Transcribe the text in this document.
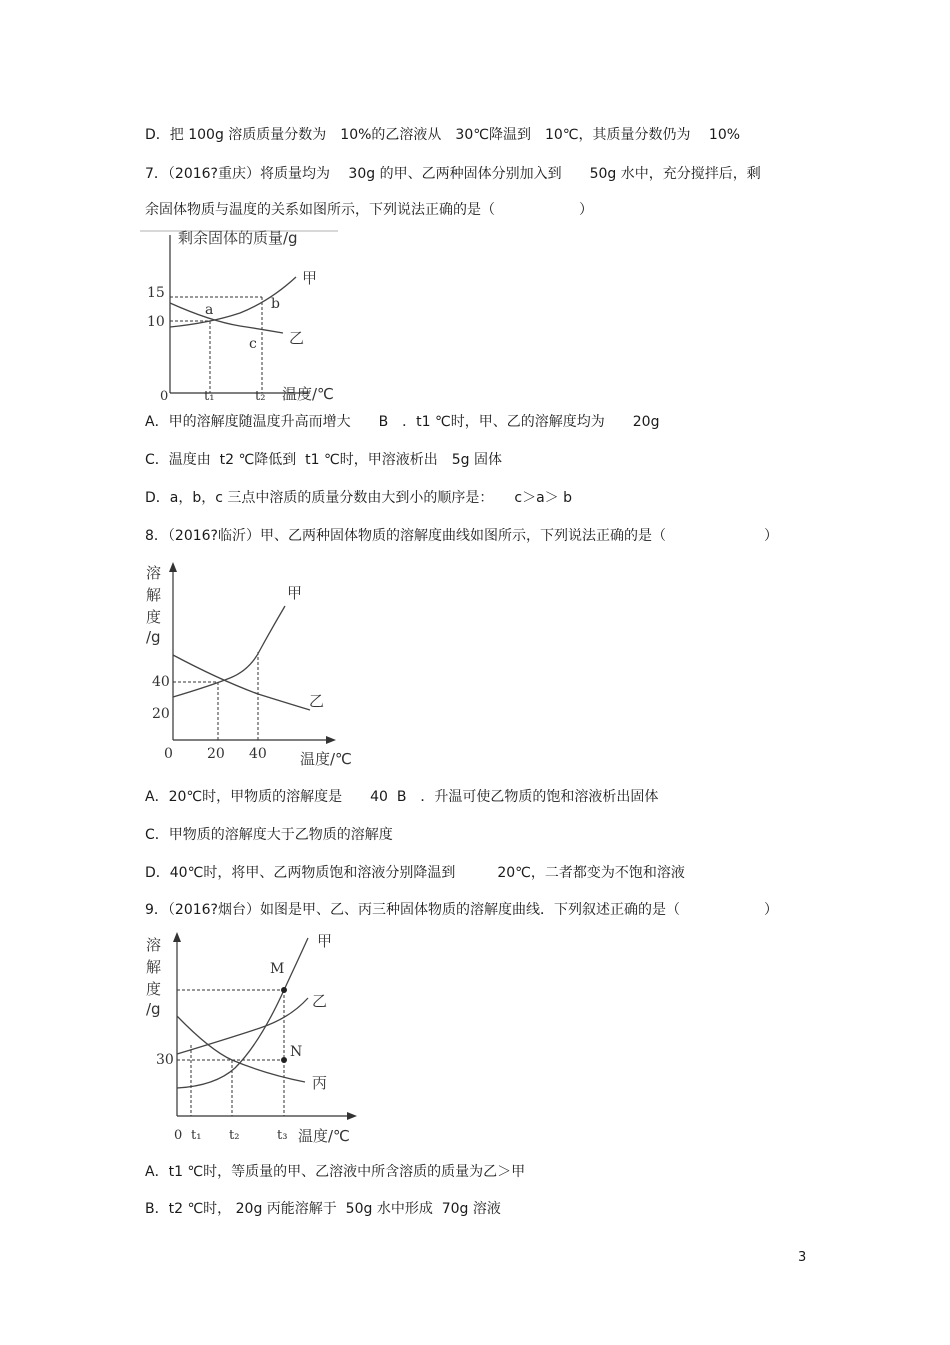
D．把 100g 溶质质量分数为　10%的乙溶液从　30℃降温到　10℃，其质量分数仍为　 10%
7．（2016?重庆）将质量均为　 30g 的甲、乙两种固体分别加入到　　50g 水中，充分搅拌后，剩
余固体物质与温度的关系如图所示，下列说法正确的是（　　　　　　）
剩余固体的质量/g
温度/℃
15
10
0	t₁	t₂
甲
乙
a	b
c
A．甲的溶解度随温度升高而增大　　B　．t1 ℃时，甲、乙的溶解度均为　　20g
C．温度由  t2 ℃降低到  t1 ℃时，甲溶液析出　5g 固体
D．a，b，c 三点中溶质的质量分数由大到小的顺序是：　　c＞a＞ b
8．（2016?临沂）甲、乙两种固体物质的溶解度曲线如图所示，下列说法正确的是（　　　　　　　）
溶
解
度
/g
温度/℃
40
20
0 20 40
甲
乙
A．20℃时，甲物质的溶解度是　　40  B　．升温可使乙物质的饱和溶液析出固体
C．甲物质的溶解度大于乙物质的溶解度
D．40℃时，将甲、乙两物质饱和溶液分别降温到　　　20℃，二者都变为不饱和溶液
9．（2016?烟台）如图是甲、乙、丙三种固体物质的溶解度曲线．下列叙述正确的是（　　　　　　）
溶
解
度
/g
温度/℃
30
0 t₁ t₂	t₃
M
N
甲
乙
丙
A．t1 ℃时，等质量的甲、乙溶液中所含溶质的质量为乙＞甲
B．t2 ℃时， 20g 丙能溶解于  50g 水中形成  70g 溶液
3
